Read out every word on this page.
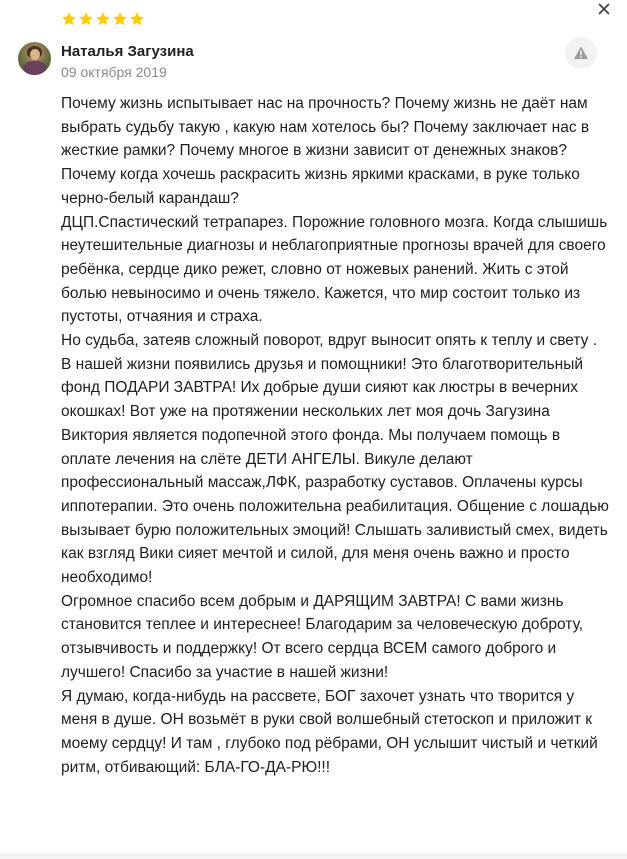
Наталья Загузина
09 октября 2019

Почему жизнь испытывает нас на прочность? Почему жизнь не даёт нам выбрать судьбу такую , какую нам хотелось бы? Почему заключает нас в жесткие рамки? Почему многое в жизни зависит от денежных знаков? Почему когда хочешь раскрасить жизнь яркими красками, в руке только черно-белый карандаш?

ДЦП.Спастический тетрапарез. Порожние головного мозга. Когда слышишь неутешительные диагнозы и неблагоприятные прогнозы врачей для своего ребёнка, сердце дико режет, словно от ножевых ранений. Жить с этой болью невыносимо и очень тяжело. Кажется, что мир состоит только из пустоты, отчаяния и страха.

Но судьба, затеяв сложный поворот, вдруг выносит опять к теплу и свету . В нашей жизни появились друзья и помощники! Это благотворительный фонд ПОДАРИ ЗАВТРА! Их добрые души сияют как люстры в вечерних окошках! Вот уже на протяжении нескольких лет моя дочь Загузина Виктория является подопечной этого фонда. Мы получаем помощь в оплате лечения на слёте ДЕТИ АНГЕЛЫ. Викуле делают профессиональный массаж,ЛФК, разработку суставов. Оплачены курсы иппотерапии. Это очень положительна реабилитация. Общение с лошадью вызывает бурю положительных эмоций! Слышать заливистый смех, видеть как взгляд Вики сияет мечтой и силой, для меня очень важно и просто необходимо!

Огромное спасибо всем добрым и ДАРЯЩИМ ЗАВТРА! С вами жизнь становится теплее и интереснее! Благодарим за человеческую доброту, отзывчивость и поддержку! От всего сердца ВСЕМ самого доброго и лучшего! Спасибо за участие в нашей жизни!

Я думаю, когда-нибудь на рассвете, БОГ захочет узнать что творится у меня в душе. ОН возьмёт в руки свой волшебный стетоскоп и приложит к моему сердцу! И там , глубоко под рёбрами, ОН услышит чистый и четкий ритм, отбивающий: БЛА-ГО-ДА-РЮ!!!
